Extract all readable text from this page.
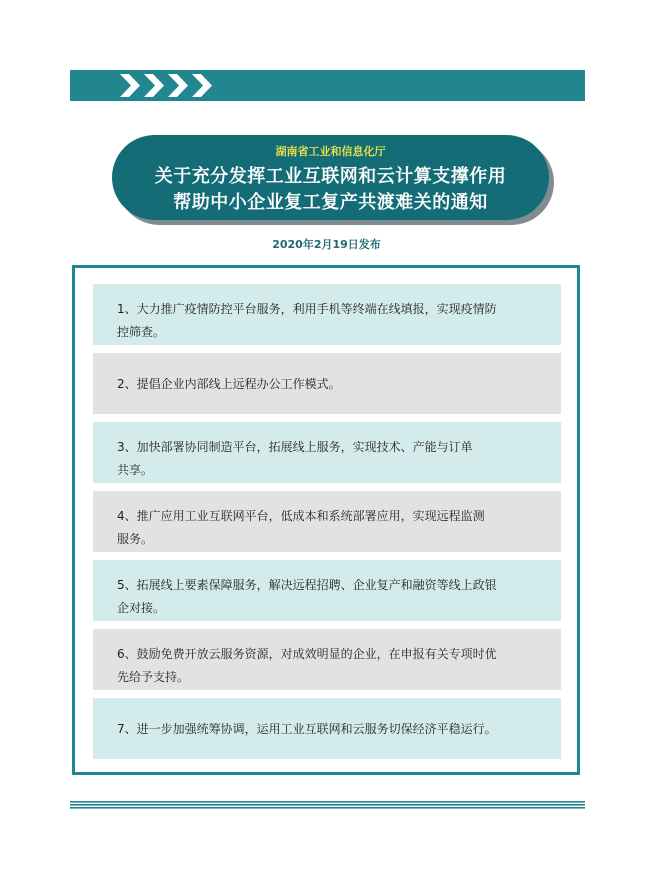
湖南省工业和信息化厅
关于充分发挥工业互联网和云计算支撑作用
帮助中小企业复工复产共渡难关的通知
2020年2月19日发布
1、大力推广疫情防控平台服务，利用手机等终端在线填报，实现疫情防
控筛查。
2、提倡企业内部线上远程办公工作模式。
3、加快部署协同制造平台，拓展线上服务，实现技术、产能与订单
共享。
4、推广应用工业互联网平台，低成本和系统部署应用，实现远程监测
服务。
5、拓展线上要素保障服务，解决远程招聘、企业复产和融资等线上政银
企对接。
6、鼓励免费开放云服务资源，对成效明显的企业，在申报有关专项时优
先给予支持。
7、进一步加强统筹协调，运用工业互联网和云服务切保经济平稳运行。
